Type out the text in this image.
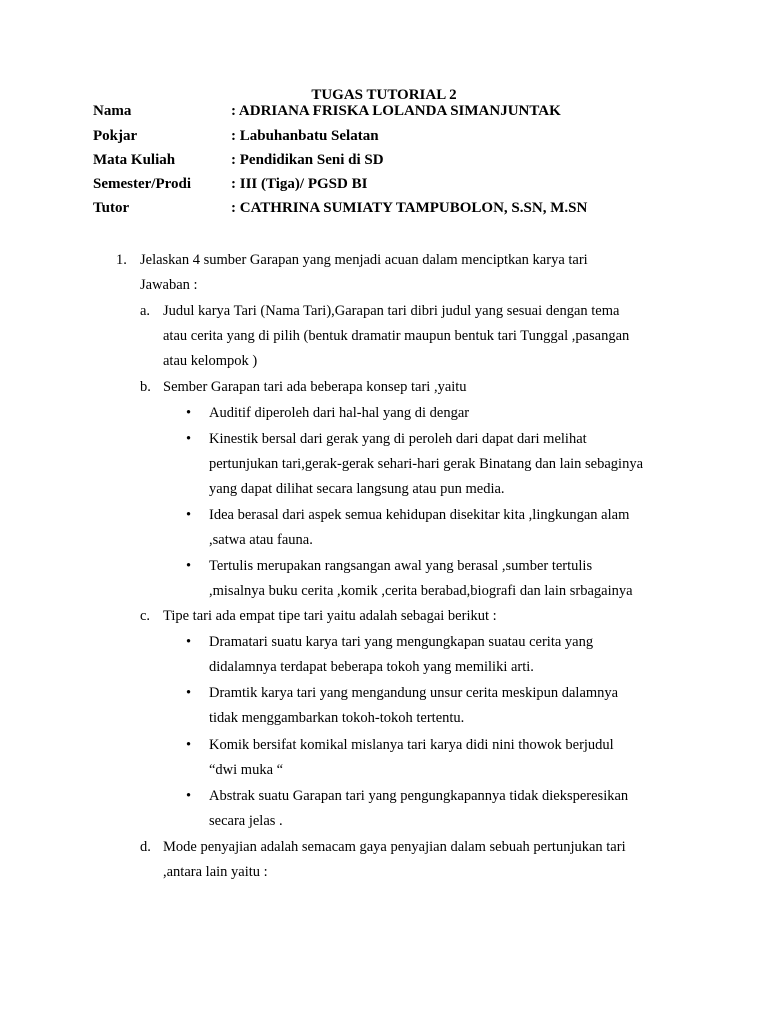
TUGAS TUTORIAL 2
Nama	: ADRIANA FRISKA LOLANDA SIMANJUNTAK
Pokjar	: Labuhanbatu Selatan
Mata Kuliah	: Pendidikan Seni di SD
Semester/Prodi	: III (Tiga)/ PGSD BI
Tutor	: CATHRINA SUMIATY TAMPUBOLON, S.SN, M.SN
1. Jelaskan 4 sumber Garapan yang menjadi acuan dalam menciptkan karya tari
Jawaban :
a. Judul karya Tari (Nama Tari),Garapan tari dibri judul yang sesuai dengan tema
atau cerita yang di pilih (bentuk dramatir maupun bentuk tari Tunggal ,pasangan
atau kelompok )
b. Sember Garapan tari ada beberapa konsep tari ,yaitu
• Auditif diperoleh dari hal-hal yang di dengar
• Kinestik bersal dari gerak yang di peroleh dari dapat dari melihat
pertunjukan tari,gerak-gerak sehari-hari gerak Binatang dan lain sebaginya
yang dapat dilihat secara langsung atau pun media.
• Idea berasal dari aspek semua kehidupan disekitar kita ,lingkungan alam
,satwa atau fauna.
• Tertulis merupakan rangsangan awal yang berasal ,sumber tertulis
,misalnya buku cerita ,komik ,cerita berabad,biografi dan lain srbagainya
c. Tipe tari ada empat tipe tari yaitu adalah sebagai berikut :
• Dramatari suatu karya tari yang mengungkapan suatau cerita yang
didalamnya terdapat beberapa tokoh yang memiliki arti.
• Dramtik karya tari yang mengandung unsur cerita meskipun dalamnya
tidak menggambarkan tokoh-tokoh tertentu.
• Komik bersifat komikal mislanya tari karya didi nini thowok berjudul
“dwi muka “
• Abstrak suatu Garapan tari yang pengungkapannya tidak dieksperesikan
secara jelas .
d. Mode penyajian adalah semacam gaya penyajian dalam sebuah pertunjukan tari
,antara lain yaitu :
